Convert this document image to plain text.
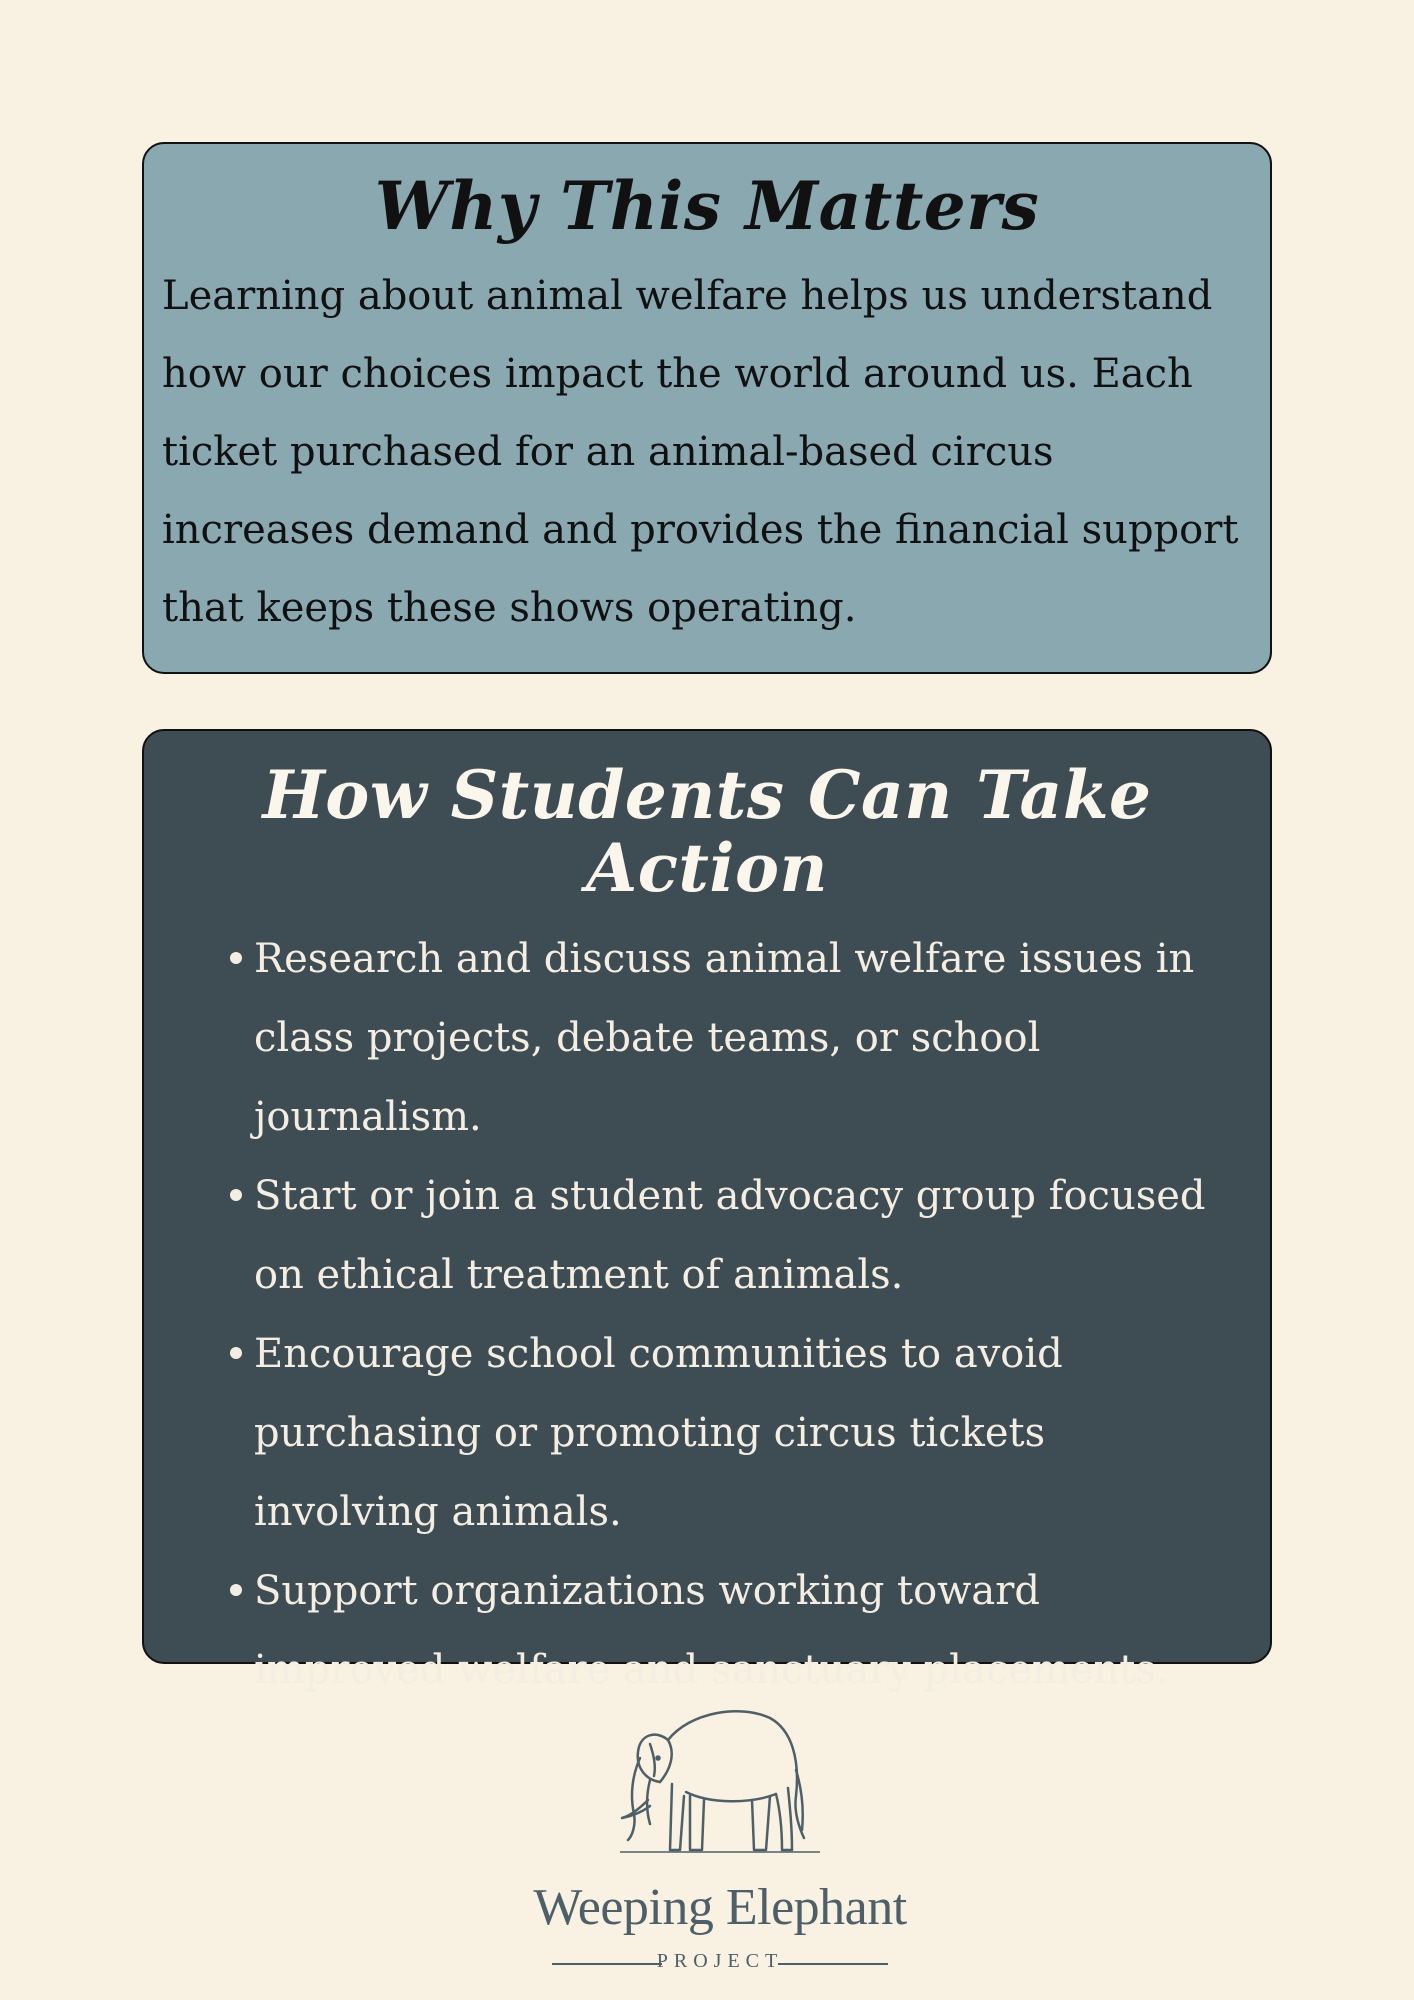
Why This Matters

Learning about animal welfare helps us understand how our choices impact the world around us. Each ticket purchased for an animal-based circus increases demand and provides the financial support that keeps these shows operating.

How Students Can Take Action
Research and discuss animal welfare issues in class projects, debate teams, or school journalism.
Start or join a student advocacy group focused on ethical treatment of animals.
Encourage school communities to avoid purchasing or promoting circus tickets involving animals.
Support organizations working toward improved welfare and sanctuary placements.
Weeping Elephant
PROJECT
